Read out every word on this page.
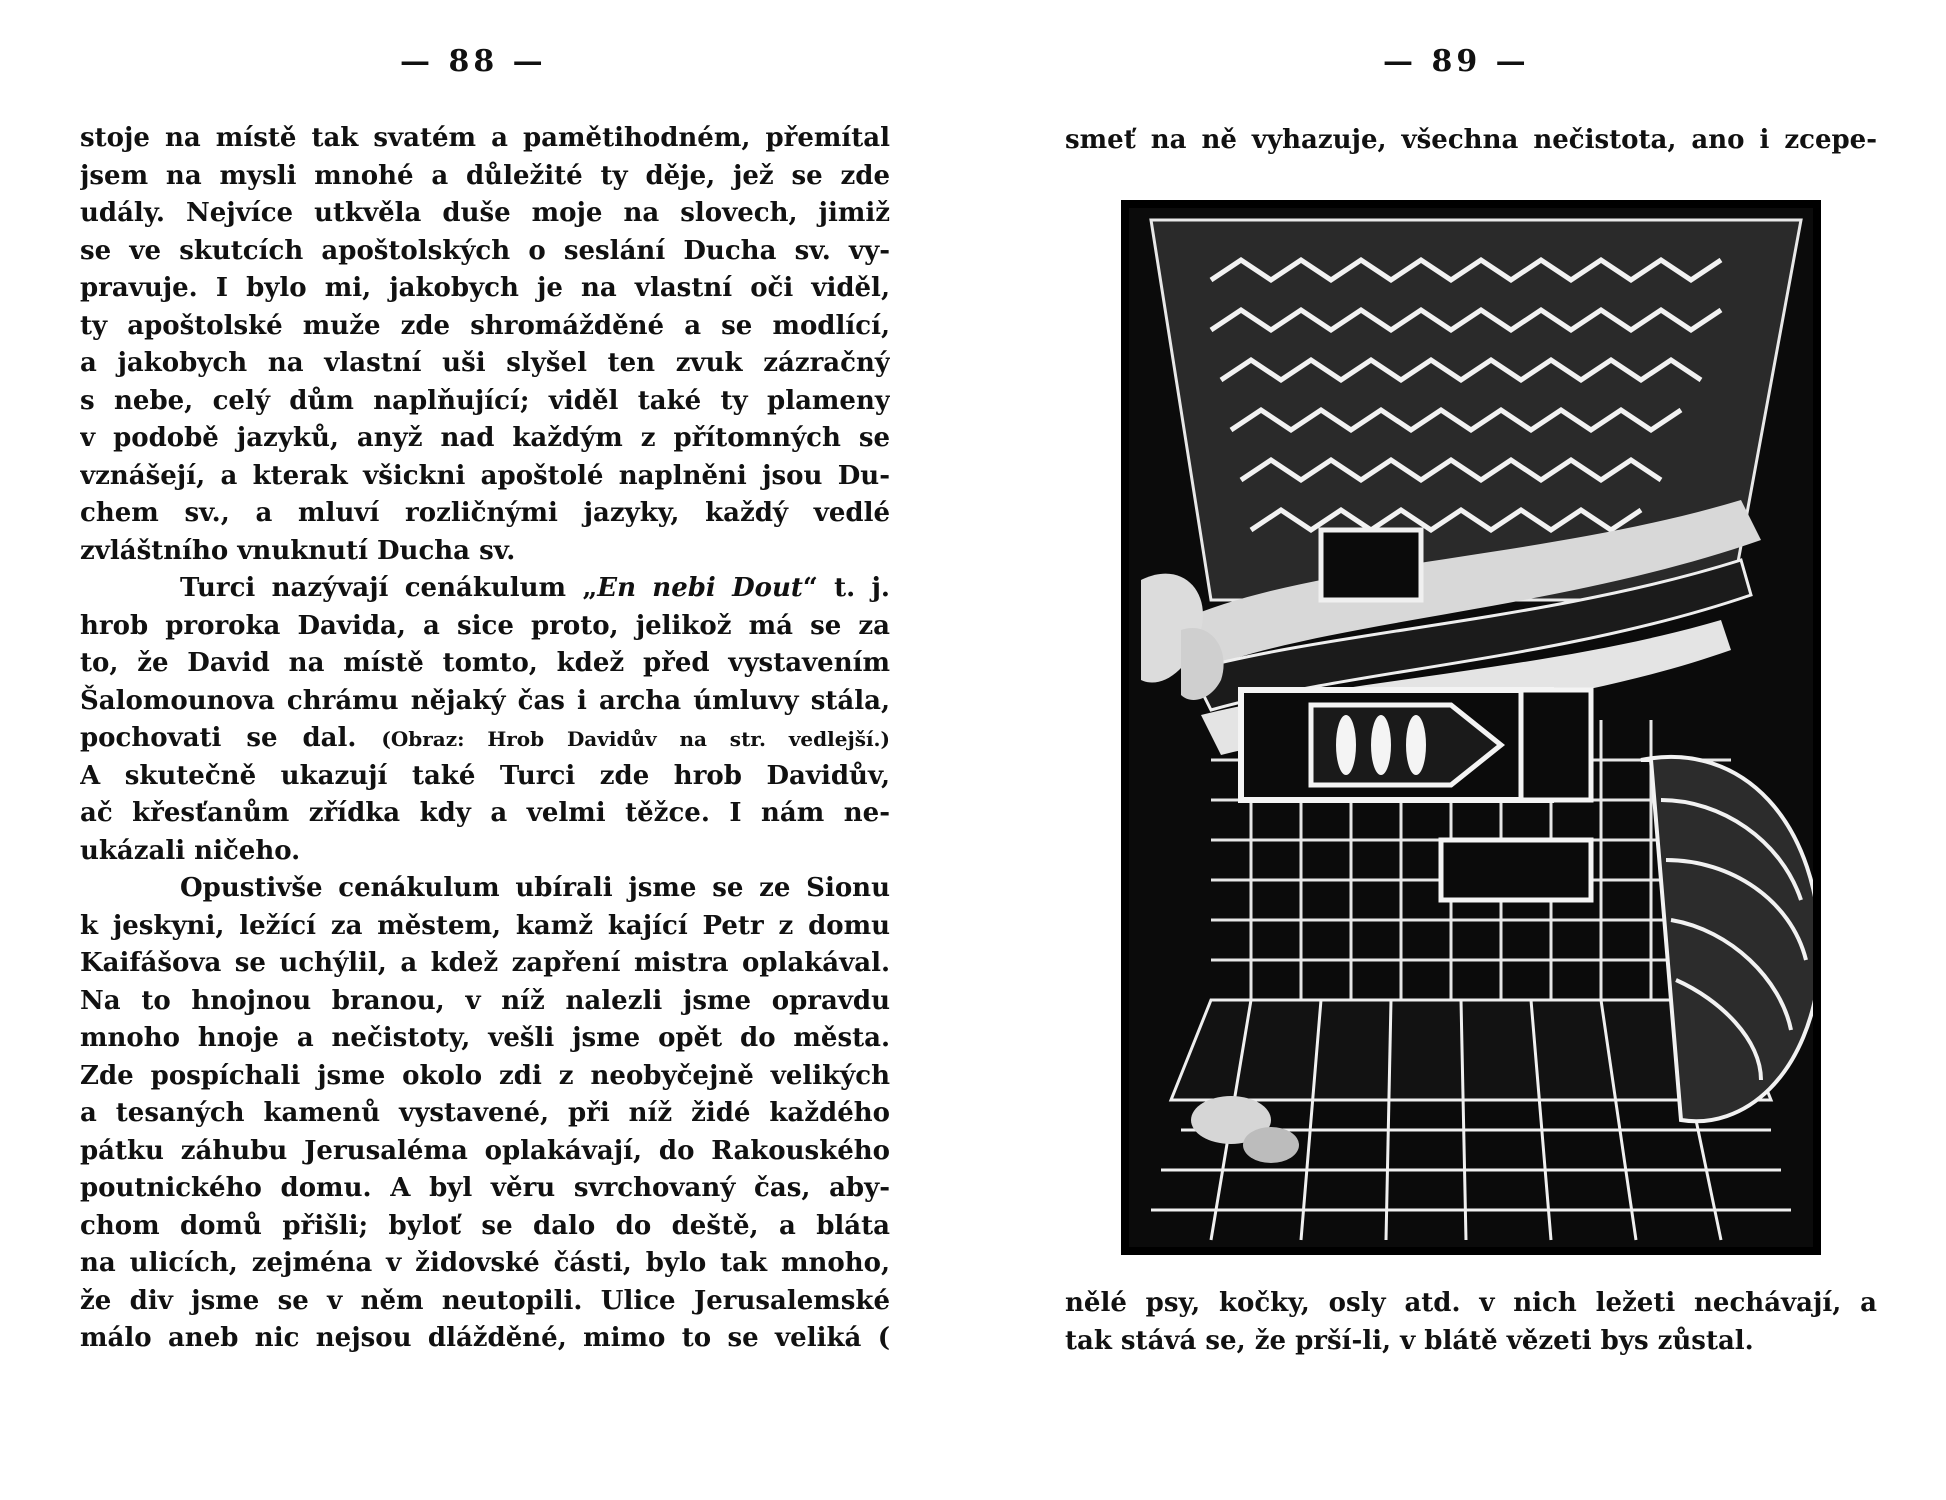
— 88 —
stoje na místě tak svatém a pamětihodném, přemítal
jsem na mysli mnohé a důležité ty děje, jež se zde
udály. Nejvíce utkvěla duše moje na slovech, jimiž
se ve skutcích apoštolských o seslání Ducha sv. vy-
pravuje. I bylo mi, jakobych je na vlastní oči viděl,
ty apoštolské muže zde shromážděné a se modlící,
a jakobych na vlastní uši slyšel ten zvuk zázračný
s nebe, celý dům naplňující; viděl také ty plameny
v podobě jazyků, anyž nad každým z přítomných se
vznášejí, a kterak všickni apoštolé naplněni jsou Du-
chem sv., a mluví rozličnými jazyky, každý vedlé
zvláštního vnuknutí Ducha sv.
Turci nazývají cenákulum „En nebi Dout“ t. j.
hrob proroka Davida, a sice proto, jelikož má se za
to, že David na místě tomto, kdež před vystavením
Šalomounova chrámu nějaký čas i archa úmluvy stála,
pochovati se dal. (Obraz: Hrob Davidův na str. vedlejší.)
A skutečně ukazují také Turci zde hrob Davidův,
ač křesťanům zřídka kdy a velmi těžce. I nám ne-
ukázali ničeho.
Opustivše cenákulum ubírali jsme se ze Sionu
k jeskyni, ležící za městem, kamž kající Petr z domu
Kaifášova se uchýlil, a kdež zapření mistra oplakával.
Na to hnojnou branou, v níž nalezli jsme opravdu
mnoho hnoje a nečistoty, vešli jsme opět do města.
Zde pospíchali jsme okolo zdi z neobyčejně velikých
a tesaných kamenů vystavené, při níž židé každého
pátku záhubu Jerusaléma oplakávají, do Rakouského
poutnického domu. A byl věru svrchovaný čas, aby-
chom domů přišli; byloť se dalo do deště, a bláta
na ulicích, zejména v židovské části, bylo tak mnoho,
že div jsme se v něm neutopili. Ulice Jerusalemské
málo aneb nic nejsou dlážděné, mimo to se veliká (
— 89 —
smeť na ně vyhazuje, všechna nečistota, ano i zcepe-
nělé psy, kočky, osly atd. v nich ležeti nechávají, a
tak stává se, že prší-li, v blátě vězeti bys zůstal.
